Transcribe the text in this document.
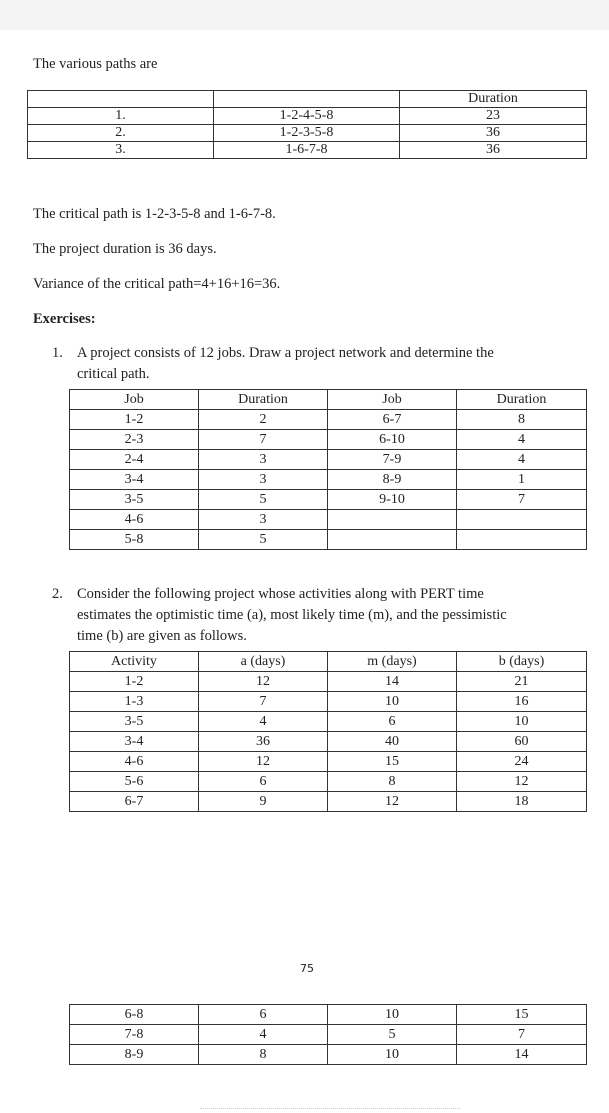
The various paths are
		Duration
1.	1-2-4-5-8	23
2.	1-2-3-5-8	36
3.	1-6-7-8	36
The critical path is 1-2-3-5-8 and 1-6-7-8.
The project duration is 36 days.
Variance of the critical path=4+16+16=36.
Exercises:
1. A project consists of 12 jobs. Draw a project network and determine the
critical path.
Job	Duration	Job	Duration
1-2	2	6-7	8
2-3	7	6-10	4
2-4	3	7-9	4
3-4	3	8-9	1
3-5	5	9-10	7
4-6	3		
5-8	5		
2. Consider the following project whose activities along with PERT time
estimates the optimistic time (a), most likely time (m), and the pessimistic
time (b) are given as follows.
Activity	a (days)	m (days)	b (days)
1-2	12	14	21
1-3	7	10	16
3-5	4	6	10
3-4	36	40	60
4-6	12	15	24
5-6	6	8	12
6-7	9	12	18
75
6-8	6	10	15
7-8	4	5	7
8-9	8	10	14
